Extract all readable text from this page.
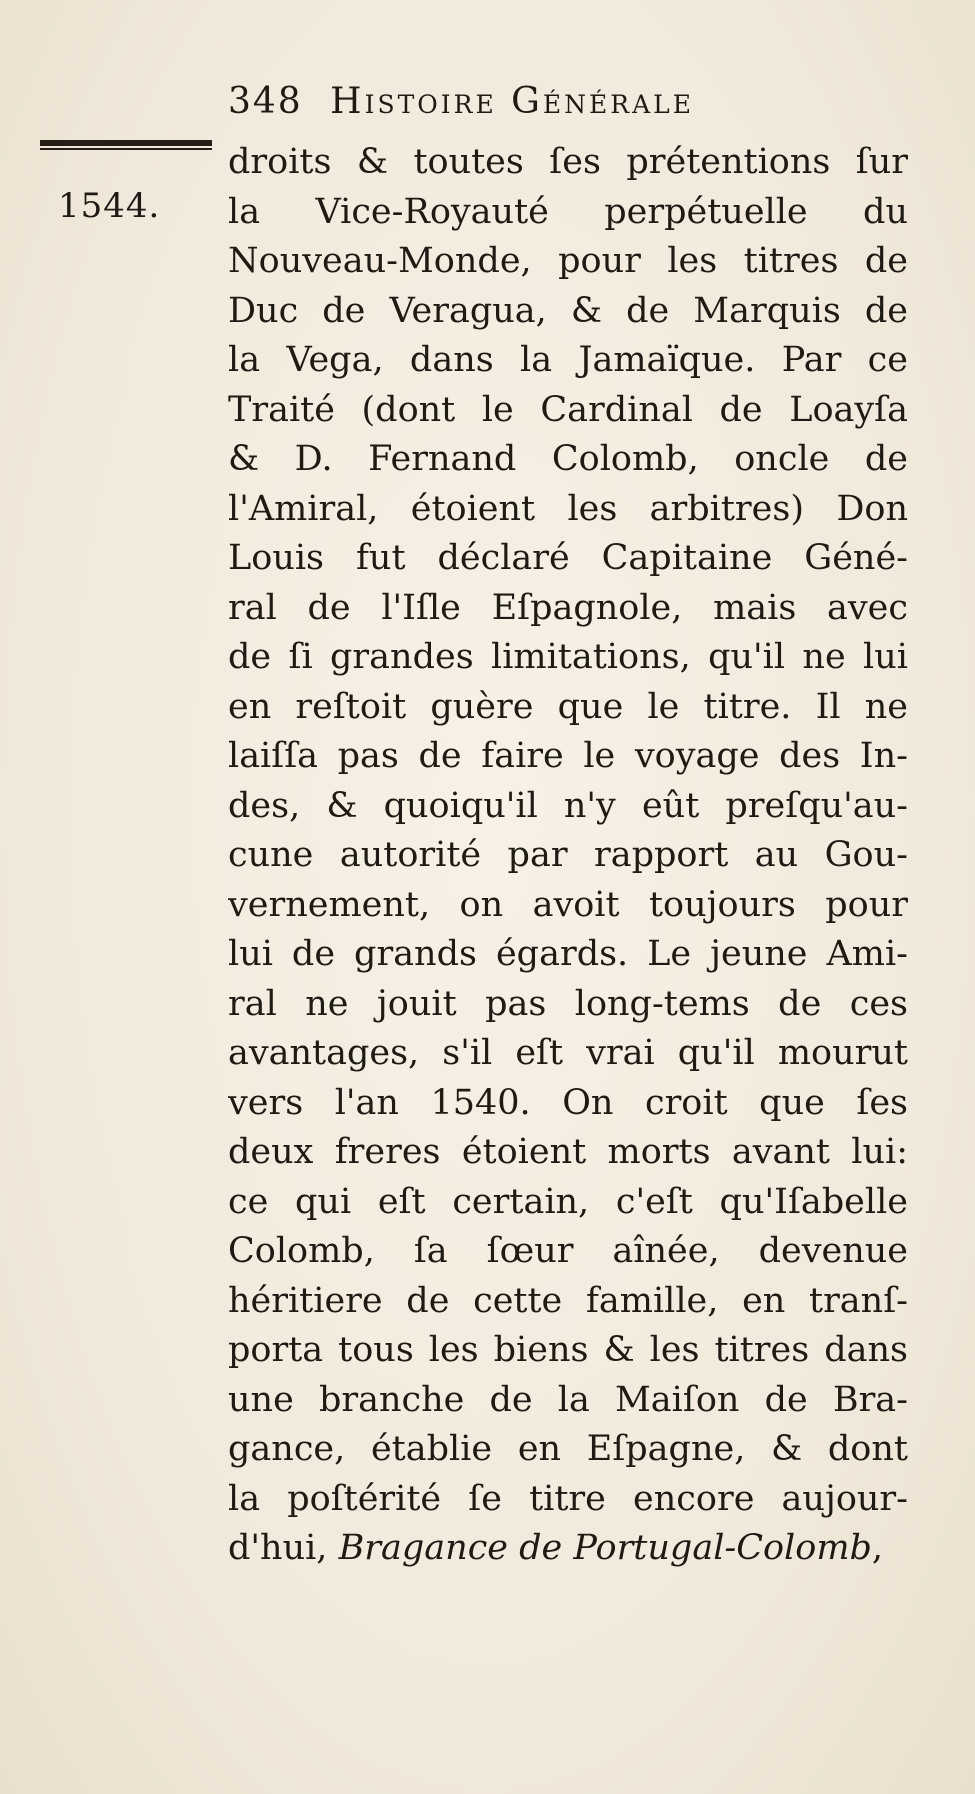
348 Histoire Générale
1544.
droits & toutes ſes prétentions ſur
la Vice-Royauté perpétuelle du
Nouveau-Monde, pour les titres de
Duc de Veragua, & de Marquis de
la Vega, dans la Jamaïque. Par ce
Traité (dont le Cardinal de Loayſa
& D. Fernand Colomb, oncle de
l'Amiral, étoient les arbitres) Don
Louis fut déclaré Capitaine Géné-
ral de l'Iſle Eſpagnole, mais avec
de ſi grandes limitations, qu'il ne lui
en reſtoit guère que le titre. Il ne
laiſſa pas de faire le voyage des In-
des, & quoiqu'il n'y eût preſqu'au-
cune autorité par rapport au Gou-
vernement, on avoit toujours pour
lui de grands égards. Le jeune Ami-
ral ne jouit pas long-tems de ces
avantages, s'il eſt vrai qu'il mourut
vers l'an 1540. On croit que ſes
deux freres étoient morts avant lui:
ce qui eſt certain, c'eſt qu'Iſabelle
Colomb, ſa ſœur aînée, devenue
héritiere de cette famille, en tranſ-
porta tous les biens & les titres dans
une branche de la Maiſon de Bra-
gance, établie en Eſpagne, & dont
la poſtérité ſe titre encore aujour-
d'hui, Bragance de Portugal-Colomb,
